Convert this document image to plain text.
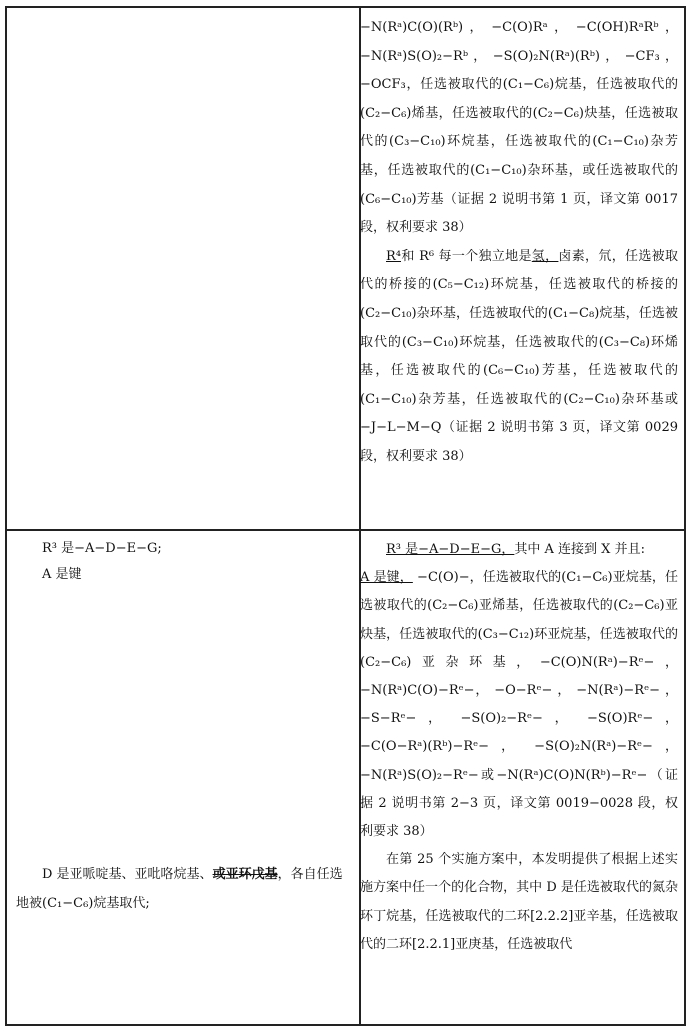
−N(Rᵃ)C(O)(Rᵇ) ， −C(O)Rᵃ ， −C(OH)RᵃRᵇ ， −N(Rᵃ)S(O)₂−Rᵇ ， −S(O)₂N(Rᵃ)(Rᵇ) ， −CF₃ ， −OCF₃，任选被取代的(C₁−C₆)烷基，任选被取代的(C₂−C₆)烯基，任选被取代的(C₂−C₆)炔基，任选被取代的(C₃−C₁₀)环烷基，任选被取代的(C₁−C₁₀)杂芳基，任选被取代的(C₁−C₁₀)杂环基，或任选被取代的(C₆−C₁₀)芳基（证据 2 说明书第 1 页，译文第 0017 段，权利要求 38）

R⁴和 R⁶ 每一个独立地是氢，卤素，氘，任选被取代的桥接的(C₅−C₁₂)环烷基，任选被取代的桥接的(C₂−C₁₀)杂环基，任选被取代的(C₁−C₈)烷基，任选被取代的(C₃−C₁₀)环烷基，任选被取代的(C₃−C₈)环烯基，任选被取代的(C₆−C₁₀)芳基，任选被取代的(C₁−C₁₀)杂芳基，任选被取代的(C₂−C₁₀)杂环基或−J−L−M−Q（证据 2 说明书第 3 页，译文第 0029 段，权利要求 38）

R³ 是−A−D−E−G;

A 是键

D 是亚哌啶基、亚吡咯烷基、或亚环戊基，各自任选地被(C₁−C₆)烷基取代;

R³ 是−A−D−E−G，其中 A 连接到 X 并且:

A 是键， −C(O)−，任选被取代的(C₁−C₆)亚烷基，任选被取代的(C₂−C₆)亚烯基，任选被取代的(C₂−C₆)亚炔基，任选被取代的(C₃−C₁₂)环亚烷基，任选被取代的(C₂−C₆)亚杂环基，−C(O)N(Rᵃ)−Rᵉ−，−N(Rᵃ)C(O)−Rᵉ−， −O−Rᵉ− ， −N(Rᵃ)−Rᵉ− ， −S−Rᵉ− ， −S(O)₂−Rᵉ− ， −S(O)Rᵉ− ， −C(O−Rᵃ)(Rᵇ)−Rᵉ− ， −S(O)₂N(Rᵃ)−Rᵉ− ， −N(Rᵃ)S(O)₂−Rᵉ−或−N(Rᵃ)C(O)N(Rᵇ)−Rᵉ−（证据 2 说明书第 2−3 页，译文第 0019−0028 段，权利要求 38）

在第 25 个实施方案中，本发明提供了根据上述实施方案中任一个的化合物，其中 D 是任选被取代的氮杂环丁烷基，任选被取代的二环[2.2.2]亚辛基，任选被取代的二环[2.2.1]亚庚基，任选被取代
